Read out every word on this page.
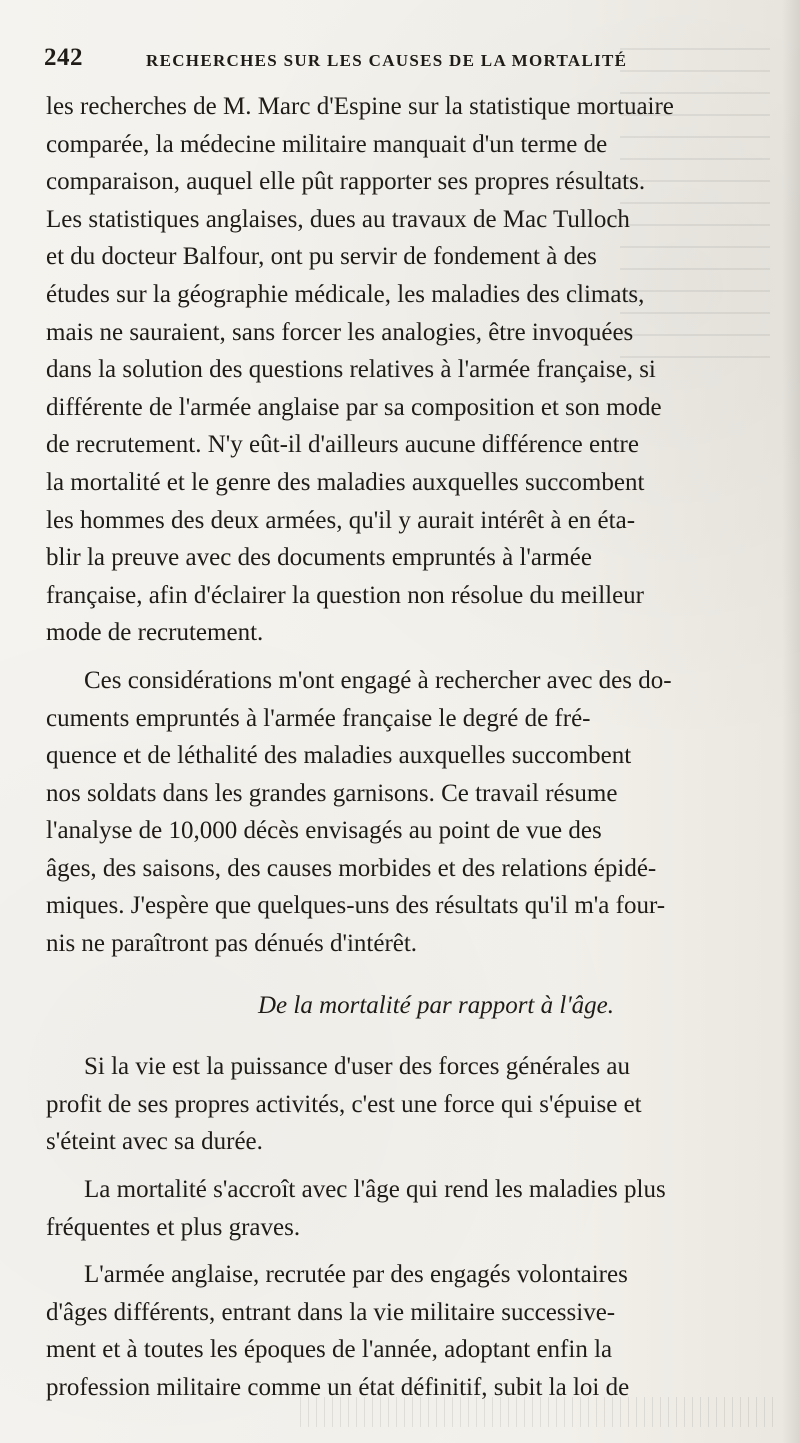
242	RECHERCHES SUR LES CAUSES DE LA MORTALITÉ
les recherches de M. Marc d'Espine sur la statistique mortuaire
comparée, la médecine militaire manquait d'un terme de
comparaison, auquel elle pût rapporter ses propres résultats.
Les statistiques anglaises, dues au travaux de Mac Tulloch
et du docteur Balfour, ont pu servir de fondement à des
études sur la géographie médicale, les maladies des climats,
mais ne sauraient, sans forcer les analogies, être invoquées
dans la solution des questions relatives à l'armée française, si
différente de l'armée anglaise par sa composition et son mode
de recrutement. N'y eût-il d'ailleurs aucune différence entre
la mortalité et le genre des maladies auxquelles succombent
les hommes des deux armées, qu'il y aurait intérêt à en éta-
blir la preuve avec des documents empruntés à l'armée
française, afin d'éclairer la question non résolue du meilleur
mode de recrutement.
Ces considérations m'ont engagé à rechercher avec des do-
cuments empruntés à l'armée française le degré de fré-
quence et de léthalité des maladies auxquelles succombent
nos soldats dans les grandes garnisons. Ce travail résume
l'analyse de 10,000 décès envisagés au point de vue des
âges, des saisons, des causes morbides et des relations épidé-
miques. J'espère que quelques-uns des résultats qu'il m'a four-
nis ne paraîtront pas dénués d'intérêt.
De la mortalité par rapport à l'âge.
Si la vie est la puissance d'user des forces générales au
profit de ses propres activités, c'est une force qui s'épuise et
s'éteint avec sa durée.
La mortalité s'accroît avec l'âge qui rend les maladies plus
fréquentes et plus graves.
L'armée anglaise, recrutée par des engagés volontaires
d'âges différents, entrant dans la vie militaire successive-
ment et à toutes les époques de l'année, adoptant enfin la
profession militaire comme un état définitif, subit la loi de
